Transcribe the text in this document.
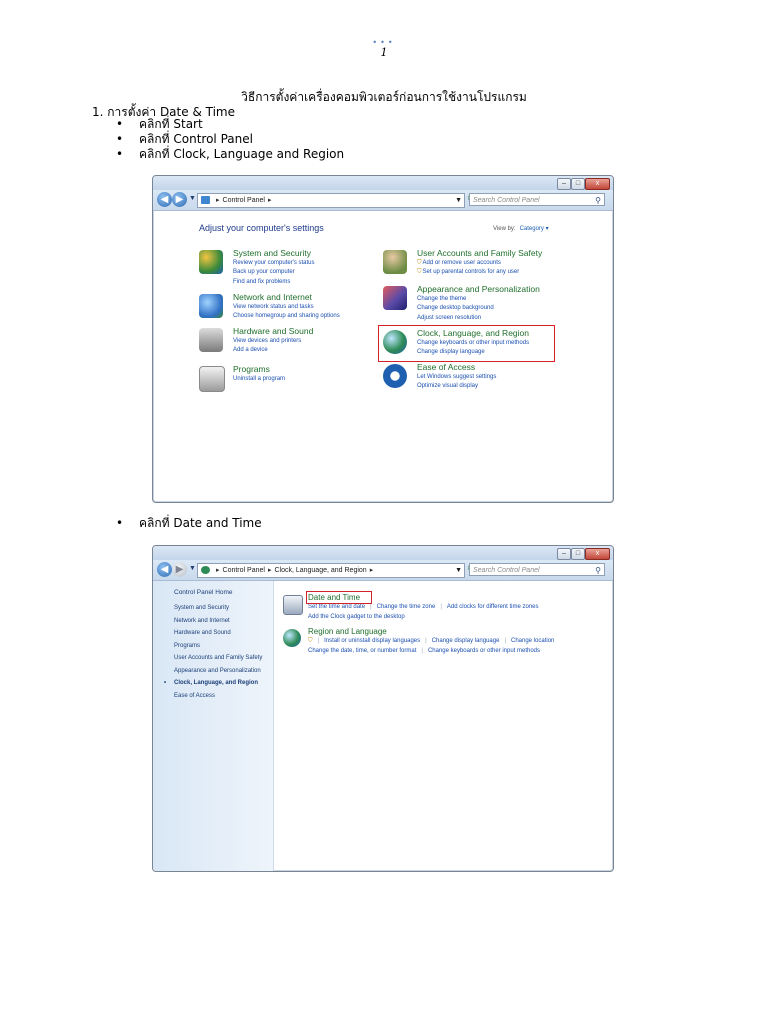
•••
1
วิธีการตั้งค่าเครื่องคอมพิวเตอร์ก่อนการใช้งานโปรแกรม
1. การตั้งค่า Date & Time
• คลิกที่ Start
• คลิกที่ Control Panel
• คลิกที่ Clock, Language and Region
–	□	x
◀ ▶ ▼	▸ Control Panel ▸	▼	Search Control Panel	⚲
Adjust your computer's settings	View by: Category ▾
System and Security
Review your computer's status
Back up your computer
Find and fix problems
Network and Internet
View network status and tasks
Choose homegroup and sharing options
Hardware and Sound
View devices and printers
Add a device
Programs
Uninstall a program
User Accounts and Family Safety
⛉Add or remove user accounts
⛉Set up parental controls for any user
Appearance and Personalization
Change the theme
Change desktop background
Adjust screen resolution
Clock, Language, and Region
Change keyboards or other input methods
Change display language
Ease of Access
Let Windows suggest settings
Optimize visual display
• คลิกที่ Date and Time
–	□	x
◀ ▶ ▼	▸ Control Panel ▸ Clock, Language, and Region ▸	▼	Search Control Panel	⚲
Control Panel Home
System and Security
Network and Internet
Hardware and Sound
Programs
User Accounts and Family Safety
Appearance and Personalization
• Clock, Language, and Region
Ease of Access
Date and Time
Set the time and date | Change the time zone | Add clocks for different time zones
Add the Clock gadget to the desktop
Region and Language
⛉ | Install or uninstall display languages | Change display language | Change location
Change the date, time, or number format | Change keyboards or other input methods
